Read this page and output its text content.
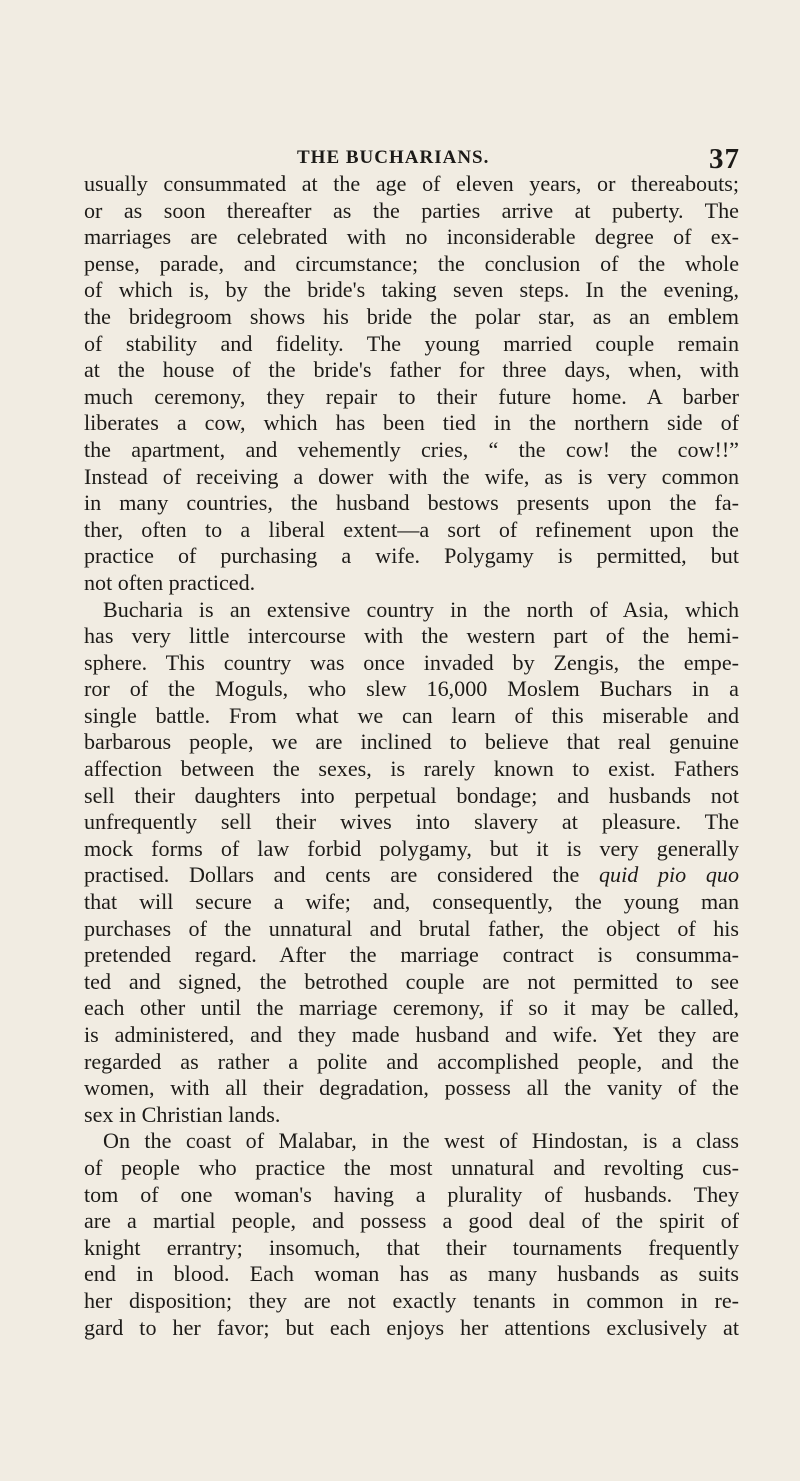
THE BUCHARIANS.	37
usually consummated at the age of eleven years, or thereabouts;
or as soon thereafter as the parties arrive at puberty. The
marriages are celebrated with no inconsiderable degree of ex-
pense, parade, and circumstance; the conclusion of the whole
of which is, by the bride's taking seven steps. In the evening,
the bridegroom shows his bride the polar star, as an emblem
of stability and fidelity. The young married couple remain
at the house of the bride's father for three days, when, with
much ceremony, they repair to their future home. A barber
liberates a cow, which has been tied in the northern side of
the apartment, and vehemently cries, “ the cow! the cow!!”
Instead of receiving a dower with the wife, as is very common
in many countries, the husband bestows presents upon the fa-
ther, often to a liberal extent—a sort of refinement upon the
practice of purchasing a wife. Polygamy is permitted, but
not often practiced.
Bucharia is an extensive country in the north of Asia, which
has very little intercourse with the western part of the hemi-
sphere. This country was once invaded by Zengis, the empe-
ror of the Moguls, who slew 16,000 Moslem Buchars in a
single battle. From what we can learn of this miserable and
barbarous people, we are inclined to believe that real genuine
affection between the sexes, is rarely known to exist. Fathers
sell their daughters into perpetual bondage; and husbands not
unfrequently sell their wives into slavery at pleasure. The
mock forms of law forbid polygamy, but it is very generally
practised. Dollars and cents are considered the quid pio quo
that will secure a wife; and, consequently, the young man
purchases of the unnatural and brutal father, the object of his
pretended regard. After the marriage contract is consumma-
ted and signed, the betrothed couple are not permitted to see
each other until the marriage ceremony, if so it may be called,
is administered, and they made husband and wife. Yet they are
regarded as rather a polite and accomplished people, and the
women, with all their degradation, possess all the vanity of the
sex in Christian lands.
On the coast of Malabar, in the west of Hindostan, is a class
of people who practice the most unnatural and revolting cus-
tom of one woman's having a plurality of husbands. They
are a martial people, and possess a good deal of the spirit of
knight errantry; insomuch, that their tournaments frequently
end in blood. Each woman has as many husbands as suits
her disposition; they are not exactly tenants in common in re-
gard to her favor; but each enjoys her attentions exclusively at
